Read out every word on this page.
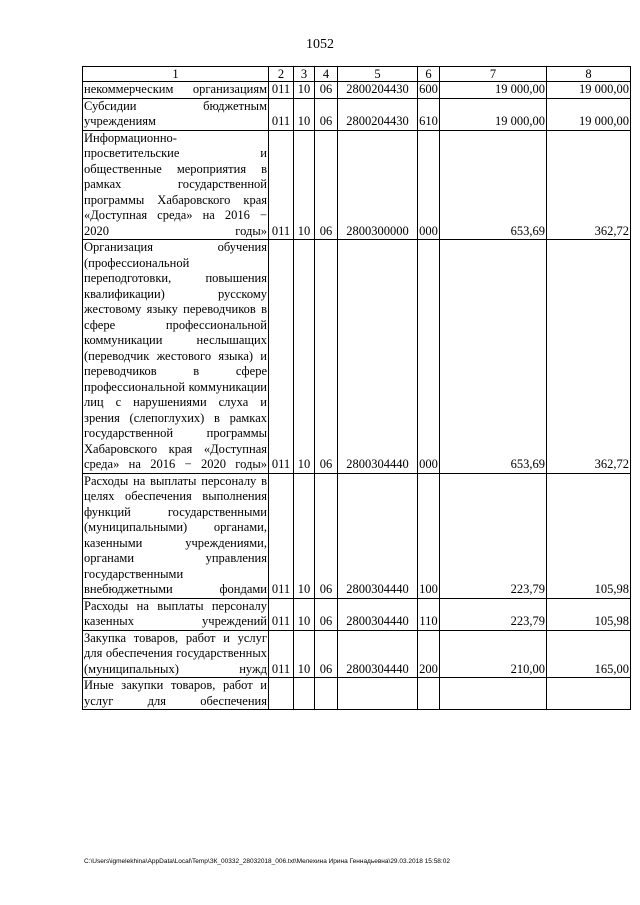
1052
1	2	3	4	5	6	7	8
некоммерческим организациям	011	10	06	2800204430	600	19 000,00	19 000,00
Субсидии бюджетным учреждениям	011	10	06	2800204430	610	19 000,00	19 000,00
Информационно-просветительские и общественные мероприятия в рамках государственной программы Хабаровского края «Доступная среда» на 2016 − 2020 годы»	011	10	06	2800300000	000	653,69	362,72
Организация обучения (профессиональной переподготовки, повышения квалификации) русскому жестовому языку переводчиков в сфере профессиональной коммуникации неслышащих (переводчик жестового языка) и переводчиков в сфере профессиональной коммуникации лиц с нарушениями слуха и зрения (слепоглухих) в рамках государственной программы Хабаровского края «Доступная среда» на 2016 − 2020 годы»	011	10	06	2800304440	000	653,69	362,72
Расходы на выплаты персоналу в целях обеспечения выполнения функций государственными (муниципальными) органами, казенными учреждениями, органами управления государственными внебюджетными фондами	011	10	06	2800304440	100	223,79	105,98
Расходы на выплаты персоналу казенных учреждений	011	10	06	2800304440	110	223,79	105,98
Закупка товаров, работ и услуг для обеспечения государственных (муниципальных) нужд	011	10	06	2800304440	200	210,00	165,00
Иные закупки товаров, работ и услуг для обеспечения							
C:\Users\igmelekhina\AppData\Local\Temp\ЗК_00332_28032018_006.txt\Мелехина Ирина Геннадьевна\29.03.2018 15:58:02
